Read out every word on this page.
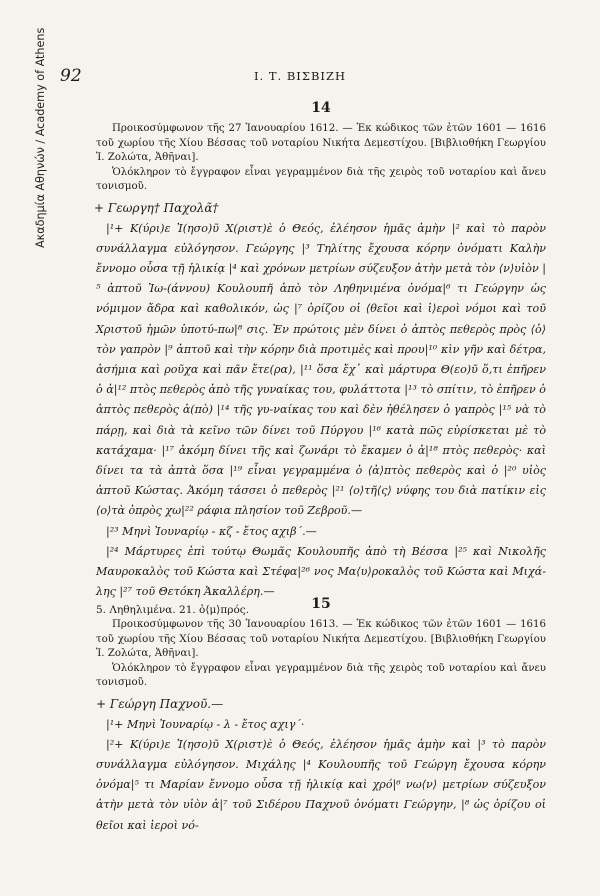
Ακαδημία Αθηνών / Academy of Athens 92	Ι. Τ. ΒΙΣΒΙΖΗ
14
Προικοσύμφωνον τῆς 27 Ἰανουαρίου 1612. — Ἐκ κώδικος τῶν ἐτῶν 1601 — 1616 τοῦ χωρίου τῆς Χίου Βέσσας τοῦ νοταρίου Νικήτα Δεμεστίχου. [Βιβλιοθήκη Γεωργίου Ἰ. Ζολώτα, Ἀθῆναι].
Ὁλόκληρον τὸ ἔγγραφον εἶναι γεγραμμένον διὰ τῆς χειρὸς τοῦ νοταρίου καὶ ἄνευ τονισμοῦ.
+ Γεωργη† Παχολᾶ†

|¹+ Κ(ύρι)ε Ἰ(ησο)ῦ Χ(ριστ)ὲ ὁ Θεός, ἐλέησον ἡμᾶς ἀμὴν |² καὶ τὸ παρὸν συνάλλαγμα εὐλόγησον. Γεώργης |³ Τηλίτης ἔχουσα κόρην ὀνόματι Καλὴν ἔννομο οὖσα τῇ ἡλικίᾳ |⁴ καὶ χρόνων μετρίων σύζευξον ἀτὴν μετὰ τὸν ⟨ν⟩υἱὸν |⁵ ἀπτοῦ Ἰω-(άννου) Κουλουπῆ ἀπὸ τὸν Ληθηνιμένα ὀνόμα|⁶ τι Γεώργην ὡς νόμιμον ἄδρα καὶ καθολικόν, ὡς |⁷ ὁρίζου οἱ ⟨θεῖοι καὶ ἱ⟩εροὶ νόμοι καὶ τοῦ Χριστοῦ ἡμῶν ὑποτύ-πω|⁸ σις. Ἐν πρώτοις μὲν δίνει ὁ ἀπτὸς πεθερὸς πρὸς ⟨ὁ⟩τὸν γαπρὸν |⁹ ἀπτοῦ καὶ τὴν κόρην διὰ προτιμὲς καὶ πρου|¹⁰ κὶν γῆν καὶ δέτρα, ἀσήμια καὶ ροῦχα καὶ πᾶν ἔτε(ρα), |¹¹ ὅσα ἔχ᾽ καὶ μάρτυρα Θ(εο)ῦ ὅ,τι ἐπῆρεν ὁ ἀ|¹² πτὸς πεθερὸς ἀπὸ τῆς γυναίκας του, φυλάττοτα |¹³ τὸ σπίτιν, τὸ ἐπῆρεν ὁ ἀπτὸς πεθερὸς ἀ(πὸ) |¹⁴ τῆς γυ-ναίκας του καὶ δὲν ἠθέλησεν ὁ γαπρὸς |¹⁵ νὰ τὸ πάρῃ, καὶ διὰ τὰ κεῖνο τῶν δίνει τοῦ Πύργου |¹⁶ κατὰ πῶς εὑρίσκεται μὲ τὸ κατάχαμα· |¹⁷ ἀκόμη δίνει τῆς καὶ ζωνάρι τὸ ἔκαμεν ὁ ἀ|¹⁸ πτὸς πεθερὸς· καὶ δίνει τα τὰ ἀπτὰ ὅσα |¹⁹ εἶναι γεγραμμένα ὁ ⟨ἀ⟩πτὸς πεθερὸς καὶ ὁ |²⁰ υἱὸς ἀπτοῦ Κώστας. Ἀκόμη τάσσει ὁ πεθερὸς |²¹ ⟨ο⟩τῆ⟨ς⟩ νύφης του διὰ πατίκιν εἰς ⟨ο⟩τὰ ὀπρὸς χω|²² ράφια πλησίον τοῦ Ζεβροῦ.—

|²³ Μηνὶ Ἰουναρίῳ - κζ - ἔτος αχιβ´.—

|²⁴ Μάρτυρες ἐπὶ τούτῳ Θωμᾶς Κουλουπῆς ἀπὸ τὴ Βέσσα |²⁵ καὶ Νικολῆς Μαυροκαλὸς τοῦ Κώστα καὶ Στέφα|²⁶ νος Μα⟨υ⟩ροκαλὸς τοῦ Κώστα καὶ Μιχά-λης |²⁷ τοῦ Θετόκη Ἀκαλλέρη.—

5. Ληθηλιμένα. 21. ὁ⟨μ⟩πρός.	15
Προικοσύμφωνον τῆς 30 Ἰανουαρίου 1613. — Ἐκ κώδικος τῶν ἐτῶν 1601 — 1616 τοῦ χωρίου τῆς Χίου Βέσσας τοῦ νοταρίου Νικήτα Δεμεστίχου. [Βιβλιοθήκη Γεωργίου Ἰ. Ζολώτα, Ἀθῆναι].
Ὁλόκληρον τὸ ἔγγραφον εἶναι γεγραμμένον διὰ τῆς χειρὸς τοῦ νοταρίου καὶ ἄνευ τονισμοῦ.
+ Γεώργη Παχνοῦ.—

|¹+ Μηνὶ Ἰουναρίῳ - λ - ἔτος αχιγ´·

|²+ Κ(ύρι)ε Ἰ(ησο)ῦ Χ(ριστ)ὲ ὁ Θεός, ἐλέησον ἡμᾶς ἀμὴν καὶ |³ τὸ παρὸν συνάλλαγμα εὐλόγησον. Μιχάλης |⁴ Κουλουπῆς τοῦ Γεώργη ἔχουσα κόρην ὀνόμα|⁵ τι Μαρίαν ἔννομο οὖσα τῇ ἡλικίᾳ καὶ χρό|⁶ νω⟨ν⟩ μετρίων σύζευξον ἀτὴν μετὰ τὸν υἱὸν ἀ|⁷ τοῦ Σιδέρου Παχνοῦ ὀνόματι Γεώργην, |⁸ ὡς ὁρίζου οἱ θεῖοι καὶ ἱεροὶ νό-
